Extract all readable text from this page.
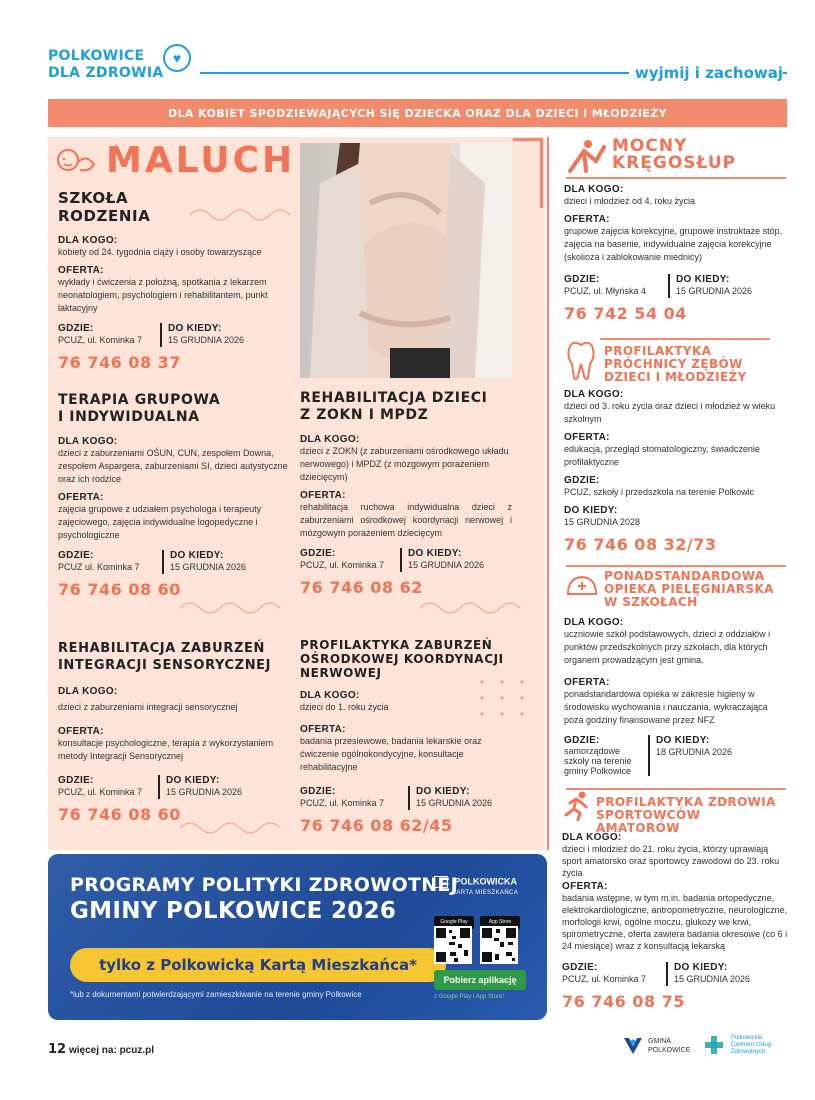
POLKOWICE
DLA ZDROWIA
♥
wyjmij i zachowaj
DLA KOBIET SPODZIEWAJĄCYCH SIĘ DZIECKA ORAZ DLA DZIECI I MŁODZIEŻY
MALUCH
SZKOŁA
RODZENIA
DLA KOGO:
kobiety od 24. tygodnia ciąży i osoby towarzyszące
OFERTA:
wykłady i ćwiczenia z położną, spotkania z lekarzem neonatologiem, psychologiem i rehabilitantem, punkt laktacyjny
GDZIE:
PCUZ, ul. Kominka 7
DO KIEDY:
15 GRUDNIA 2026
76 746 08 37
TERAPIA GRUPOWA
I INDYWIDUALNA
DLA KOGO:
dzieci z zaburzeniami OŚUN, CUN, zespołem Downa, zespołem Aspargera, zaburzeniami SI, dzieci autystyczne oraz ich rodzice
OFERTA:
zajęcia grupowe z udziałem psychologa i terapeuty zajęciowego, zajęcia indywidualne logopedyczne i psychologiczne
GDZIE:
PCUZ ul. Kominka 7
DO KIEDY:
15 GRUDNIA 2026
76 746 08 60
REHABILITACJA DZIECI
Z ZOKN I MPDZ
DLA KOGO:
dzieci z ZOKN (z zaburzeniami ośrodkowego układu nerwowego) i MPDZ (z mózgowym porażeniem dziecięcym)
OFERTA:
rehabilitacja ruchowa indywidualna dzieci z zaburzeniami ośrodkowej koordynacji nerwowej i mózgowym porażeniem dziecięcym
GDZIE:
PCUZ, ul. Kominka 7
DO KIEDY:
15 GRUDNIA 2026
76 746 08 62
REHABILITACJA ZABURZEŃ
INTEGRACJI SENSORYCZNEJ
DLA KOGO:
dzieci z zaburzeniami integracji sensorycznej
OFERTA:
konsultacje psychologiczne, terapia z wykorzystaniem metody Integracji Sensorycznej
GDZIE:
PCUZ, ul. Kominka 7
DO KIEDY:
15 GRUDNIA 2026
76 746 08 60
PROFILAKTYKA ZABURZEŃ
OŚRODKOWEJ KOORDYNACJI
NERWOWEJ
DLA KOGO:
dzieci do 1. roku życia
OFERTA:
badania przesiewowe, badania lekarskie oraz ćwiczenie ogólnokondycyjne, konsultacje rehabilitacyjne
GDZIE:
PCUZ, ul. Kominka 7
DO KIEDY:
15 GRUDNIA 2026
76 746 08 62/45
MOCNY
KRĘGOSŁUP
DLA KOGO:
dzieci i młodzież od 4. roku życia
OFERTA:
grupowe zajęcia korekcyjne, grupowe instruktaże stóp, zajęcia na basenie, indywidualne zajęcia korekcyjne (skolioza i zablokowanie miednicy)
GDZIE:
PCUZ, ul. Młyńska 4
DO KIEDY:
15 GRUDNIA 2026
76 742 54 04
PROFILAKTYKA
PRÓCHNICY ZĘBÓW
DZIECI I MŁODZIEŻY
DLA KOGO:
dzieci od 3. roku życia oraz dzieci i młodzież w wieku szkolnym
OFERTA:
edukacja, przegląd stomatologiczny, świadczenie profilaktyczne
GDZIE:
PCUZ, szkoły i przedszkola na terenie Polkowic
DO KIEDY:
15 GRUDNIA 2028
76 746 08 32/73
PONADSTANDARDOWA
OPIEKA PIELĘGNIARSKA
W SZKOŁACH
DLA KOGO:
uczniowie szkół podstawowych, dzieci z oddziałów i punktów przedszkolnych przy szkołach, dla których organem prowadzącym jest gmina.
OFERTA:
ponadstandardowa opieka w zakresie higieny w środowisku wychowania i nauczania, wykraczająca poza godziny finansowane przez NFZ
GDZIE:
samorządowe szkoły na terenie gminy Polkowice
DO KIEDY:
18 GRUDNIA 2026
PROFILAKTYKA ZDROWIA
SPORTOWCÓW AMATORÓW
DLA KOGO:
dzieci i młodzież do 21. roku życia, którzy uprawiają sport amatorsko oraz sportowcy zawodowi do 23. roku życia
OFERTA:
badania wstępne, w tym m.in. badania ortopedyczne, elektrokardiologiczne, antropometryczne, neurologiczne, morfologii krwi, ogólne moczu, glukozy we krwi, spirometryczne, oferta zawiera badania okresowe (co 6 i 24 miesiące) wraz z konsultacją lekarską
GDZIE:
PCUZ, ul. Kominka 7
DO KIEDY:
15 GRUDNIA 2026
76 746 08 75
PROGRAMY POLITYKI ZDROWOTNEJ
GMINY POLKOWICE 2026
tylko z Polkowicką Kartą Mieszkańca*
*lub z dokumentami potwierdzającymi zamieszkiwanie na terenie gminy Polkowice
POLKOWICKA
KARTA MIESZKAŃCA
Google Play	App Store
Pobierz aplikację
z Google Play i App Store!
12 więcej na: pcuz.pl
GMINA
POLKOWICE
Polkowickie
Centrum Usług
Zdrowotnych
